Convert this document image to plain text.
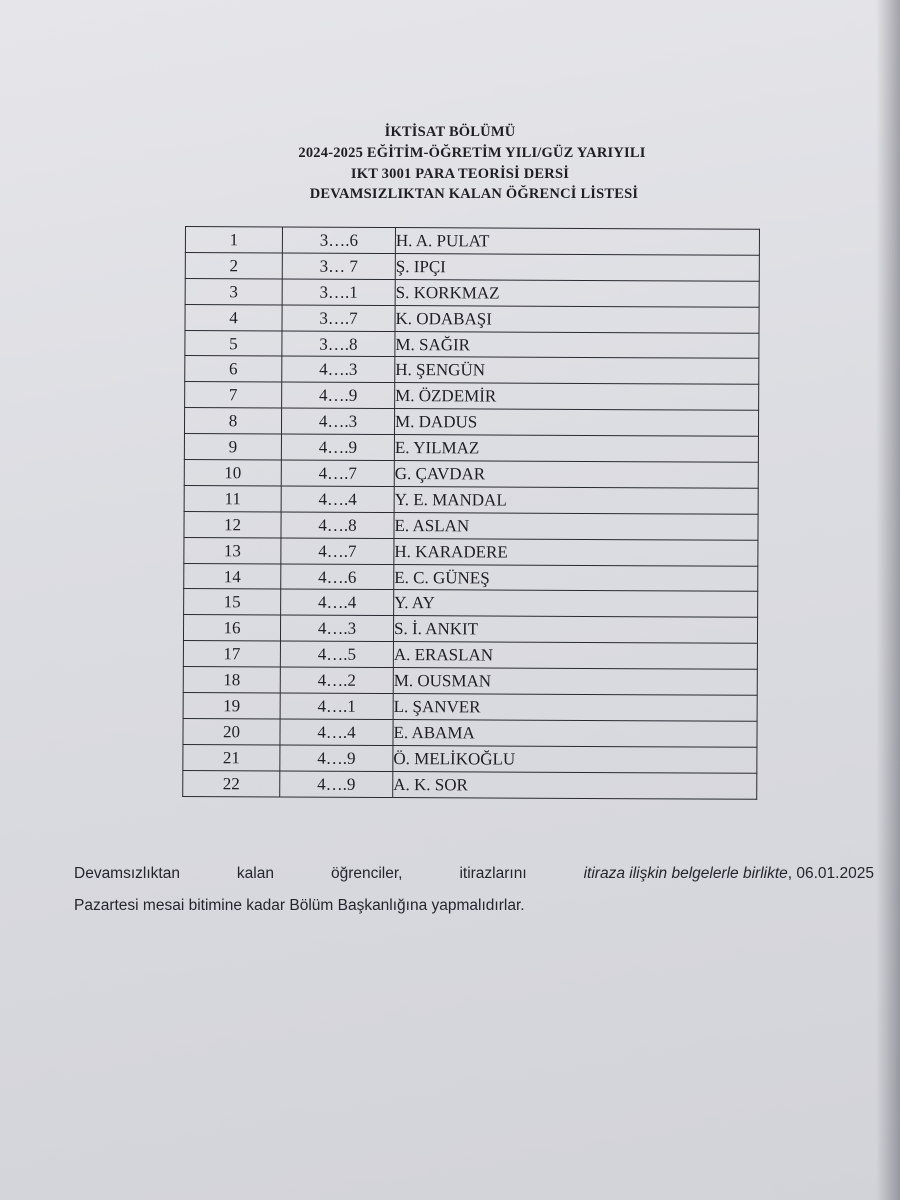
İKTİSAT BÖLÜMÜ
2024-2025 EĞİTİM-ÖĞRETİM YILI/GÜZ YARIYILI
IKT 3001 PARA TEORİSİ DERSİ
DEVAMSIZLIKTAN KALAN ÖĞRENCİ LİSTESİ
1	3….6	H. A. PULAT
2	3… 7	Ş. IPÇI
3	3….1	S. KORKMAZ
4	3….7	K. ODABAŞI
5	3….8	M. SAĞIR
6	4….3	H. ŞENGÜN
7	4….9	M. ÖZDEMİR
8	4….3	M. DADUS
9	4….9	E. YILMAZ
10	4….7	G. ÇAVDAR
11	4….4	Y. E. MANDAL
12	4….8	E. ASLAN
13	4….7	H. KARADERE
14	4….6	E. C. GÜNEŞ
15	4….4	Y. AY
16	4….3	S. İ. ANKIT
17	4….5	A. ERASLAN
18	4….2	M. OUSMAN
19	4….1	L. ŞANVER
20	4….4	E. ABAMA
21	4….9	Ö. MELİKOĞLU
22	4….9	A. K. SOR
Devamsızlıktan	kalan	öğrenciler,	itirazlarını	itiraza ilişkin belgelerle birlikte, 06.01.2025
Pazartesi mesai bitimine kadar Bölüm Başkanlığına yapmalıdırlar.
